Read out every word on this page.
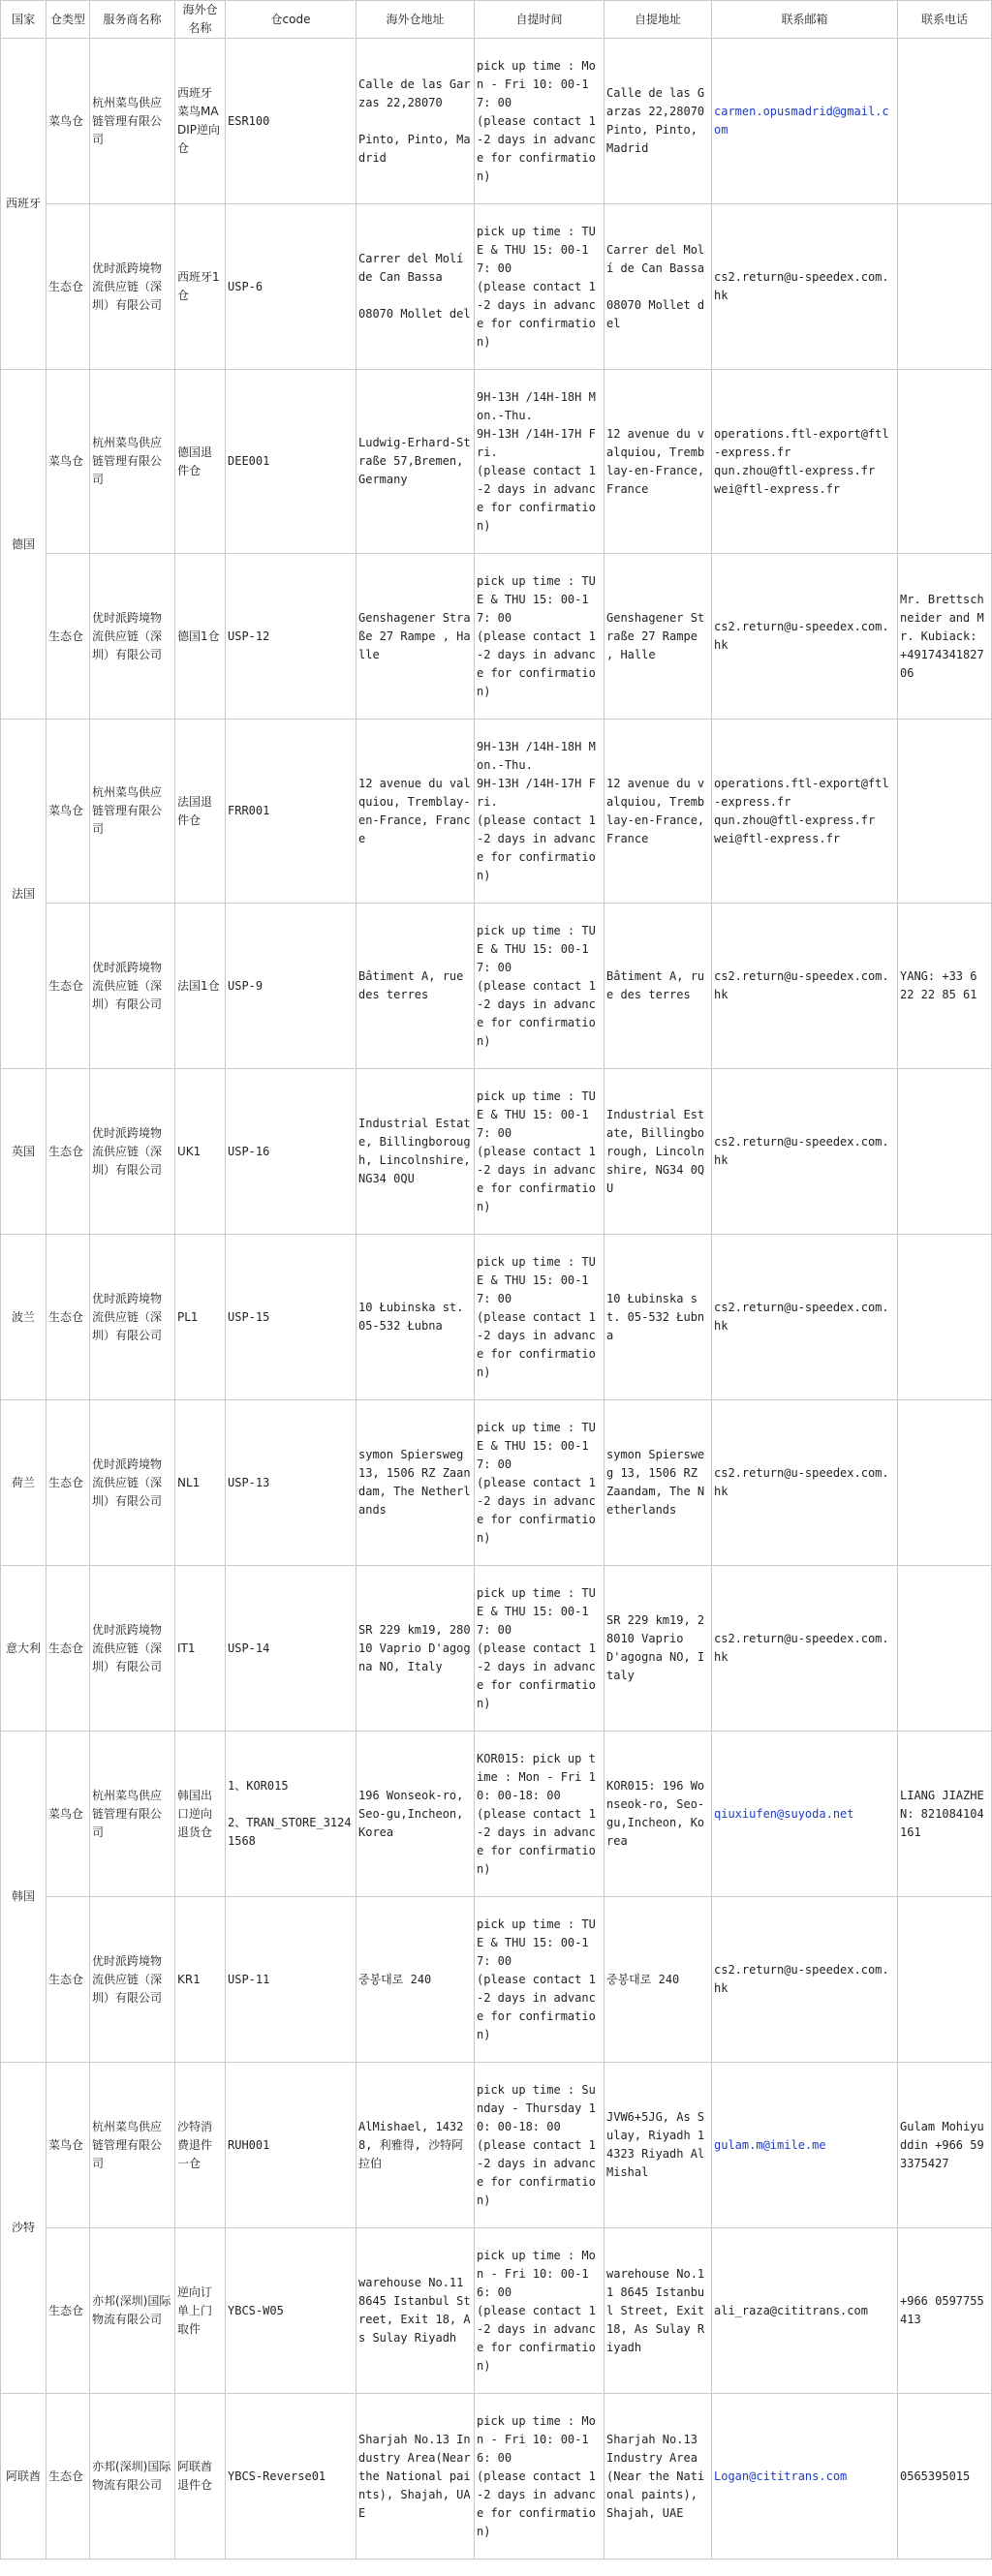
国家	仓类型	服务商名称	海外仓名称	仓code	海外仓地址	自提时间	自提地址	联系邮箱	联系电话
西班牙	菜鸟仓	杭州菜鸟供应链管理有限公司	西班牙菜鸟MADIP逆向仓	ESR100	Calle de las Garzas 22,28070

Pinto, Pinto, Madrid	pick up time : Mon - Fri 10: 00-17: 00
(please contact 1-2 days in advance for confirmation)	Calle de las Garzas 22,28070 Pinto, Pinto, Madrid	carmen.opusmadrid@gmail.com	
	生态仓	优时派跨境物流供应链（深圳）有限公司	西班牙1仓	USP-6	Carrer del Molí de Can Bassa

08070 Mollet del	pick up time : TUE & THU 15: 00-17: 00
(please contact 1-2 days in advance for confirmation)	Carrer del Molí de Can Bassa

08070 Mollet del	cs2.return@u-speedex.com.hk	
德国	菜鸟仓	杭州菜鸟供应链管理有限公司	德国退件仓	DEE001	Ludwig-Erhard-Straße 57,Bremen, Germany	9H-13H /14H-18H Mon.-Thu.
9H-13H /14H-17H Fri.
(please contact 1-2 days in advance for confirmation)	12 avenue du valquiou, Tremblay-en-France, France	operations.ftl-export@ftl-express.fr
qun.zhou@ftl-express.fr
wei@ftl-express.fr	
	生态仓	优时派跨境物流供应链（深圳）有限公司	德国1仓	USP-12	Genshagener Straße 27 Rampe , Halle	pick up time : TUE & THU 15: 00-17: 00
(please contact 1-2 days in advance for confirmation)	Genshagener Straße 27 Rampe , Halle	cs2.return@u-speedex.com.hk	Mr. Brettschneider and Mr. Kubiack: +4917434182706
法国	菜鸟仓	杭州菜鸟供应链管理有限公司	法国退件仓	FRR001	12 avenue du valquiou, Tremblay-en-France, France	9H-13H /14H-18H Mon.-Thu.
9H-13H /14H-17H Fri.
(please contact 1-2 days in advance for confirmation)	12 avenue du valquiou, Tremblay-en-France, France	operations.ftl-export@ftl-express.fr
qun.zhou@ftl-express.fr
wei@ftl-express.fr	
	生态仓	优时派跨境物流供应链（深圳）有限公司	法国1仓	USP-9	Bâtiment A, rue des terres	pick up time : TUE & THU 15: 00-17: 00
(please contact 1-2 days in advance for confirmation)	Bâtiment A, rue des terres	cs2.return@u-speedex.com.hk	YANG: +33 6 22 22 85 61
英国	生态仓	优时派跨境物流供应链（深圳）有限公司	UK1	USP-16	Industrial Estate, Billingborough, Lincolnshire, NG34 0QU	pick up time : TUE & THU 15: 00-17: 00
(please contact 1-2 days in advance for confirmation)	Industrial Estate, Billingborough, Lincolnshire, NG34 0QU	cs2.return@u-speedex.com.hk	
波兰	生态仓	优时派跨境物流供应链（深圳）有限公司	PL1	USP-15	10 Łubinska st. 05-532 Łubna	pick up time : TUE & THU 15: 00-17: 00
(please contact 1-2 days in advance for confirmation)	10 Łubinska st. 05-532 Łubna	cs2.return@u-speedex.com.hk	
荷兰	生态仓	优时派跨境物流供应链（深圳）有限公司	NL1	USP-13	symon Spiersweg 13, 1506 RZ Zaandam, The Netherlands	pick up time : TUE & THU 15: 00-17: 00
(please contact 1-2 days in advance for confirmation)	symon Spiersweg 13, 1506 RZ Zaandam, The Netherlands	cs2.return@u-speedex.com.hk	
意大利	生态仓	优时派跨境物流供应链（深圳）有限公司	IT1	USP-14	SR 229 km19, 28010 Vaprio D'agogna NO, Italy	pick up time : TUE & THU 15: 00-17: 00
(please contact 1-2 days in advance for confirmation)	SR 229 km19, 28010 Vaprio D'agogna NO, Italy	cs2.return@u-speedex.com.hk	
韩国	菜鸟仓	杭州菜鸟供应链管理有限公司	韩国出口逆向退货仓	1、KOR015

2、TRAN_STORE_31241568	196 Wonseok-ro, Seo-gu,Incheon, Korea	KOR015: pick up time : Mon - Fri 10: 00-18: 00
(please contact 1-2 days in advance for confirmation)	KOR015: 196 Wonseok-ro, Seo-gu,Incheon, Korea	qiuxiufen@suyoda.net	LIANG JIAZHEN: 821084104161
	生态仓	优时派跨境物流供应链（深圳）有限公司	KR1	USP-11	중봉대로 240	pick up time : TUE & THU 15: 00-17: 00
(please contact 1-2 days in advance for confirmation)	중봉대로 240	cs2.return@u-speedex.com.hk	
沙特	菜鸟仓	杭州菜鸟供应链管理有限公司	沙特消费退件一仓	RUH001	AlMishael, 14328, 利雅得, 沙特阿拉伯	pick up time : Sunday - Thursday 10: 00-18: 00
(please contact 1-2 days in advance for confirmation)	JVW6+5JG, As Sulay, Riyadh 14323 Riyadh Al Mishal	gulam.m@imile.me	Gulam Mohiyuddin +966 593375427
	生态仓	亦邦(深圳)国际物流有限公司	逆向订单上门取件	YBCS-W05	warehouse No.11 8645 Istanbul Street, Exit 18, As Sulay Riyadh	pick up time : Mon - Fri 10: 00-16: 00
(please contact 1-2 days in advance for confirmation)	warehouse No.11 8645 Istanbul Street, Exit 18, As Sulay Riyadh	ali_raza@cititrans.com	+966 0597755413
阿联酋	生态仓	亦邦(深圳)国际物流有限公司	阿联酋退件仓	YBCS-Reverse01	Sharjah No.13 Industry Area(Near the National paints), Shajah, UAE	pick up time : Mon - Fri 10: 00-16: 00
(please contact 1-2 days in advance for confirmation)	Sharjah No.13 Industry Area(Near the National paints), Shajah, UAE	Logan@cititrans.com	0565395015
